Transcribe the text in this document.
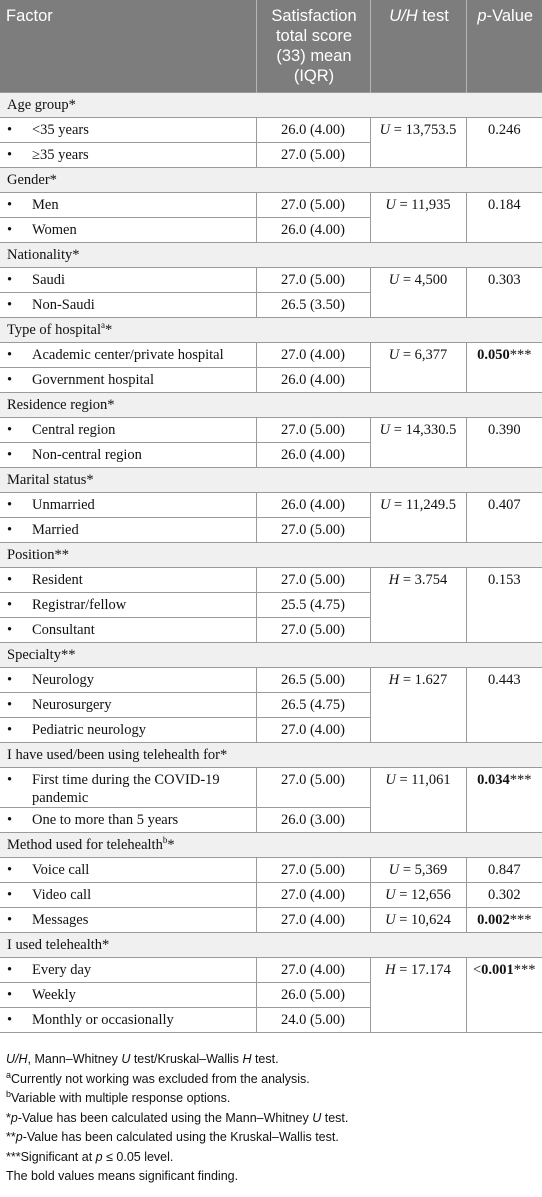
Factor	Satisfaction total score (33) mean (IQR)	U/H test	p-Value
Age group*			

• <35 years	26.0 (4.00)	U = 13,753.5	0.246

• ≥35 years	27.0 (5.00)		
Gender*			

• Men	27.0 (5.00)	U = 11,935	0.184

• Women	26.0 (4.00)		
Nationality*			

• Saudi	27.0 (5.00)	U = 4,500	0.303

• Non-Saudi	26.5 (3.50)		
Type of hospital$^a$*			

• Academic center/private hospital	27.0 (4.00)	U = 6,377	0.050***

• Government hospital	26.0 (4.00)		
Residence region*			

• Central region	27.0 (5.00)	U = 14,330.5	0.390

• Non-central region	26.0 (4.00)		
Marital status*			

• Unmarried	26.0 (4.00)	U = 11,249.5	0.407

• Married	27.0 (5.00)		
Position**			

• Resident	27.0 (5.00)	H = 3.754	0.153

• Registrar/fellow	25.5 (4.75)		

• Consultant	27.0 (5.00)		
Specialty**			

• Neurology	26.5 (5.00)	H = 1.627	0.443

• Neurosurgery	26.5 (4.75)		

• Pediatric neurology	27.0 (4.00)		
I have used/been using telehealth for*			

• First time during the COVID-19 pandemic	27.0 (5.00)	U = 11,061	0.034***

• One to more than 5 years	26.0 (3.00)		
Method used for telehealth$^b$*			

• Voice call	27.0 (5.00)	U = 5,369	0.847

• Video call	27.0 (4.00)	U = 12,656	0.302

• Messages	27.0 (4.00)	U = 10,624	0.002***
I used telehealth*			

• Every day	27.0 (4.00)	H = 17.174	<0.001***

• Weekly	26.0 (5.00)		

• Monthly or occasionally	24.0 (5.00)		
U/H, Mann–Whitney U test/Kruskal–Wallis H test.
$^a$Currently not working was excluded from the analysis.
$^b$Variable with multiple response options.
*p-Value has been calculated using the Mann–Whitney U test.
**p-Value has been calculated using the Kruskal–Wallis test.
***Significant at p ≤ 0.05 level.
The bold values means significant finding.
